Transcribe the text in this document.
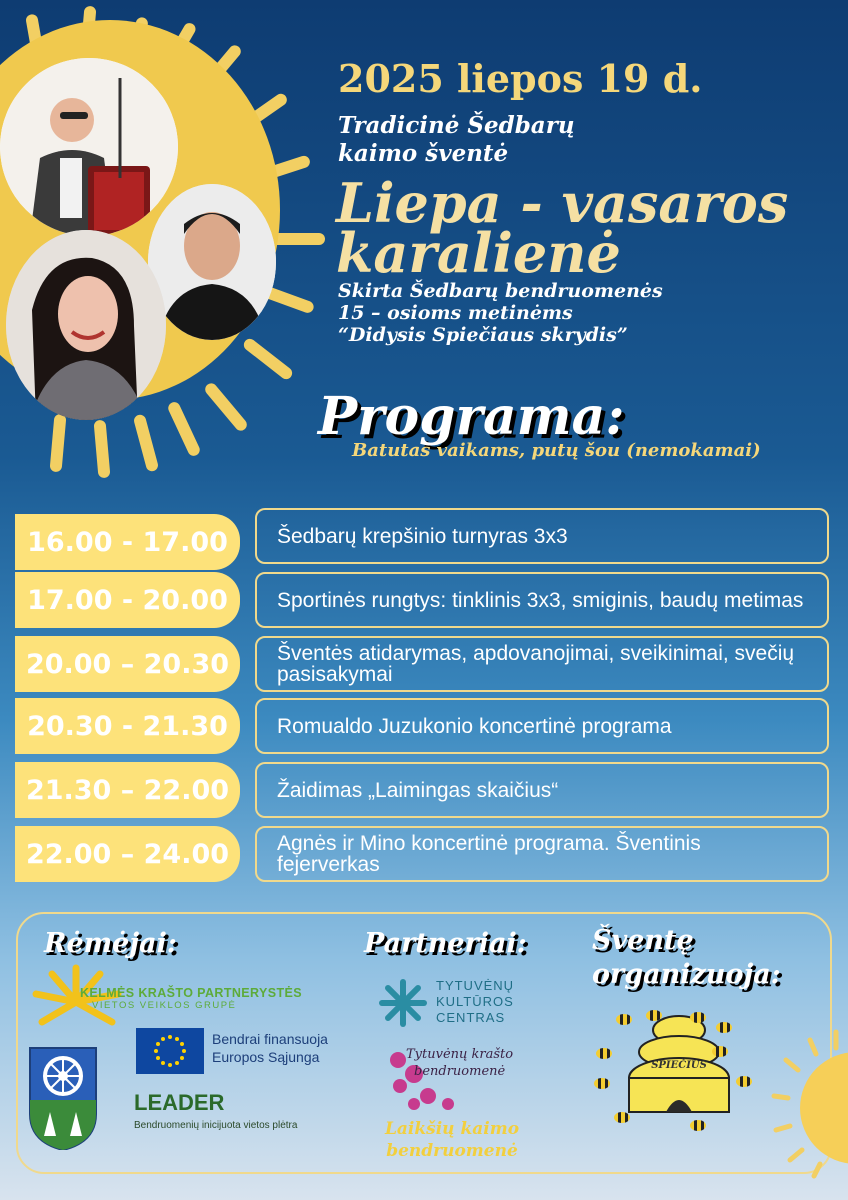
2025 liepos 19 d.
Tradicinė Šedbarų
kaimo šventė
Liepa - vasaros
karalienė
Skirta Šedbarų bendruomenės
15 – osioms metinėms
“Didysis Spiečiaus skrydis”
Programa:
Batutas vaikams, putų šou (nemokamai)
16.00 - 17.00	Šedbarų krepšinio turnyras 3x3
17.00 - 20.00	Sportinės rungtys: tinklinis 3x3, smiginis, baudų metimas
20.00 – 20.30	Šventės atidarymas, apdovanojimai, sveikinimai, svečių pasisakymai
20.30 - 21.30	Romualdo Juzukonio koncertinė programa
21.30 – 22.00	Žaidimas „Laimingas skaičius“
22.00 – 24.00	Agnės ir Mino koncertinė programa. Šventinis fejerverkas
Rėmėjai:	Partneriai: Šventę
organizuoja:
KELMĖS KRAŠTO PARTNERYSTĖS
VIETOS VEIKLOS GRUPĖ
Bendrai finansuoja
Europos Sąjunga
LEADER
Bendruomenių inicijuota vietos plėtra
TYTUVĖNŲ
KULTŪROS
CENTRAS
Tytuvėnų krašto
bendruomenė
Laikšių kaimo
bendruomenė
SPIEČIUS
